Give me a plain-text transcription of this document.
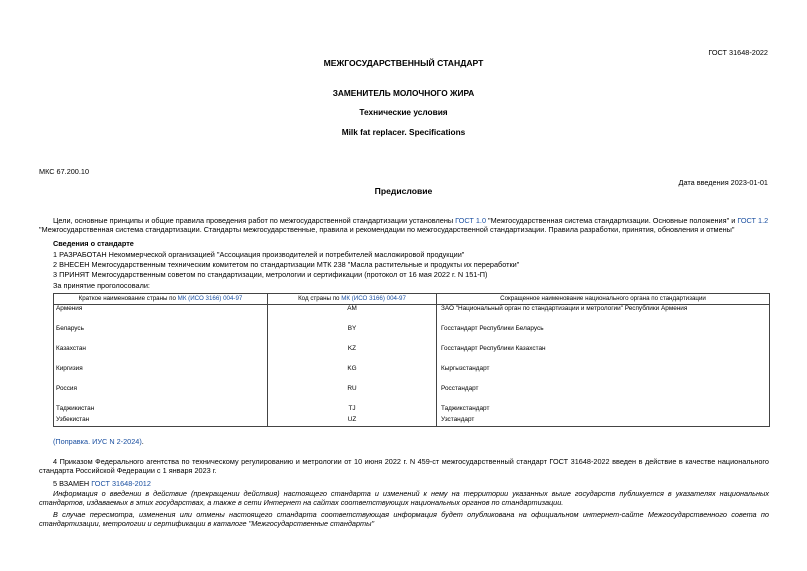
ГОСТ 31648-2022
МЕЖГОСУДАРСТВЕННЫЙ СТАНДАРТ
ЗАМЕНИТЕЛЬ МОЛОЧНОГО ЖИРА
Технические условия
Milk fat replacer. Specifications
МКС 67.200.10
Дата введения 2023-01-01
Предисловие
Цели, основные принципы и общие правила проведения работ по межгосударственной стандартизации установлены ГОСТ 1.0 "Межгосударственная система стандартизации. Основные положения" и ГОСТ 1.2 "Межгосударственная система стандартизации. Стандарты межгосударственные, правила и рекомендации по межгосударственной стандартизации. Правила разработки, принятия, обновления и отмены"
Сведения о стандарте
1 РАЗРАБОТАН Некоммерческой организацией "Ассоциация производителей и потребителей масложировой продукции"
2 ВНЕСЕН Межгосударственным техническим комитетом по стандартизации МТК 238 "Масла растительные и продукты их переработки"
3 ПРИНЯТ Межгосударственным советом по стандартизации, метрологии и сертификации (протокол от 16 мая 2022 г. N 151-П)
За принятие проголосовали:
Краткое наименование страны по МК (ИСО 3166) 004-97	Код страны по МК (ИСО 3166) 004-97	Сокращенное наименование национального органа по стандартизации
Армения	AM	ЗАО "Национальный орган по стандартизации и метрологии" Республики Армения
Беларусь	BY	Госстандарт Республики Беларусь
Казахстан	KZ	Госстандарт Республики Казахстан
Киргизия	KG	Кыргызстандарт
Россия	RU	Росстандарт
Таджикистан	TJ	Таджикстандарт
Узбекистан	UZ	Узстандарт
(Поправка. ИУС N 2-2024).
4 Приказом Федерального агентства по техническому регулированию и метрологии от 10 июня 2022 г. N 459-ст межгосударственный стандарт ГОСТ 31648-2022 введен в действие в качестве национального стандарта Российской Федерации с 1 января 2023 г.
5 ВЗАМЕН ГОСТ 31648-2012
Информация о введении в действие (прекращении действия) настоящего стандарта и изменений к нему на территории указанных выше государств публикуется в указателях национальных стандартов, издаваемых в этих государствах, а также в сети Интернет на сайтах соответствующих национальных органов по стандартизации.
В случае пересмотра, изменения или отмены настоящего стандарта соответствующая информация будет опубликована на официальном интернет-сайте Межгосударственного совета по стандартизации, метрологии и сертификации в каталоге "Межгосударственные стандарты"
